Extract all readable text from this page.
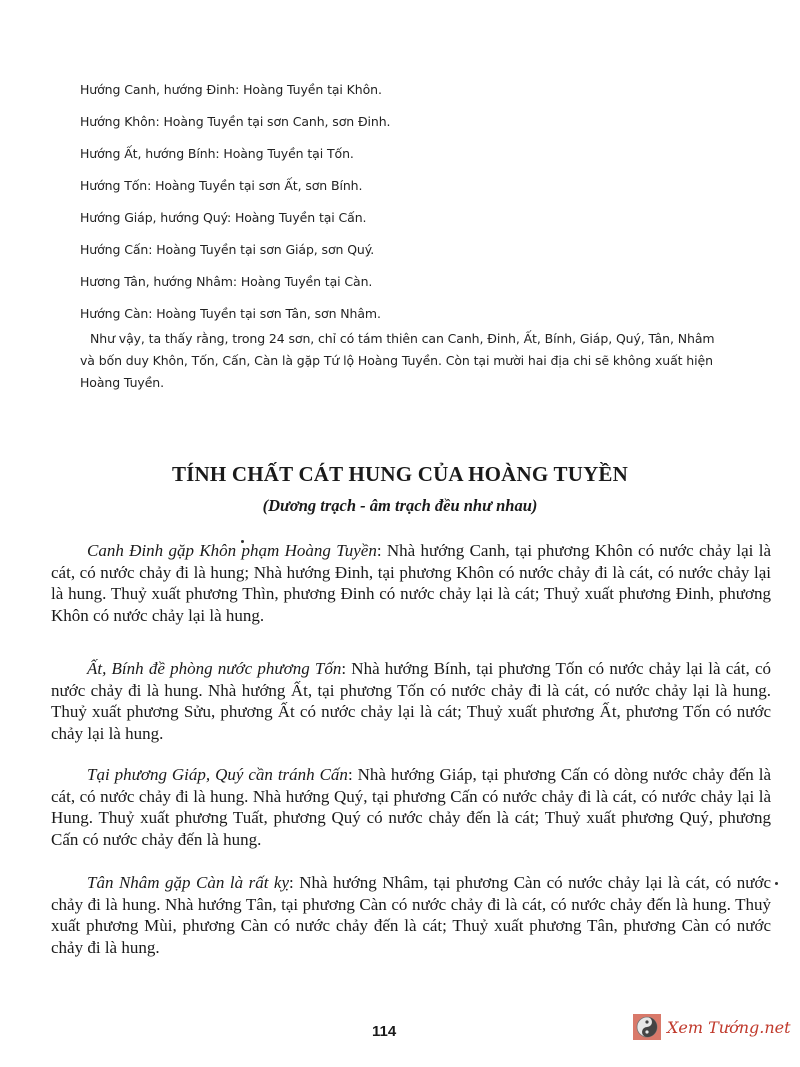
Hướng Canh, hướng Đinh: Hoàng Tuyền tại Khôn.
Hướng Khôn: Hoàng Tuyền tại sơn Canh, sơn Đinh.
Hướng Ất, hướng Bính: Hoàng Tuyền tại Tốn.
Hướng Tốn: Hoàng Tuyền tại sơn Ất, sơn Bính.
Hướng Giáp, hướng Quý: Hoàng Tuyền tại Cấn.
Hướng Cấn: Hoàng Tuyền tại sơn Giáp, sơn Quý.
Hương Tân, hướng Nhâm: Hoàng Tuyền tại Càn.
Hướng Càn: Hoàng Tuyền tại sơn Tân, sơn Nhâm.
Như vậy, ta thấy rằng, trong 24 sơn, chỉ có tám thiên can Canh, Đinh, Ất, Bính, Giáp, Quý, Tân, Nhâm và bốn duy Khôn, Tốn, Cấn, Càn là gặp Tứ lộ Hoàng Tuyền. Còn tại mười hai địa chi sẽ không xuất hiện Hoàng Tuyền.
TÍNH CHẤT CÁT HUNG CỦA HOÀNG TUYỀN
(Dương trạch - âm trạch đều như nhau)

Canh Đinh gặp Khôn phạm Hoàng Tuyền: Nhà hướng Canh, tại phương Khôn có nước chảy lại là cát, có nước chảy đi là hung; Nhà hướng Đinh, tại phương Khôn có nước chảy đi là cát, có nước chảy lại là hung. Thuỷ xuất phương Thìn, phương Đinh có nước chảy lại là cát; Thuỷ xuất phương Đinh, phương Khôn có nước chảy lại là hung.

Ất, Bính đề phòng nước phương Tốn: Nhà hướng Bính, tại phương Tốn có nước chảy lại là cát, có nước chảy đi là hung. Nhà hướng Ất, tại phương Tốn có nước chảy đi là cát, có nước chảy lại là hung. Thuỷ xuất phương Sửu, phương Ất có nước chảy lại là cát; Thuỷ xuất phương Ất, phương Tốn có nước chảy lại là hung.

Tại phương Giáp, Quý cần tránh Cấn: Nhà hướng Giáp, tại phương Cấn có dòng nước chảy đến là cát, có nước chảy đi là hung. Nhà hướng Quý, tại phương Cấn có nước chảy đi là cát, có nước chảy lại là Hung. Thuỷ xuất phương Tuất, phương Quý có nước chảy đến là cát; Thuỷ xuất phương Quý, phương Cấn có nước chảy đến là hung.

Tân Nhâm gặp Càn là rất kỵ: Nhà hướng Nhâm, tại phương Càn có nước chảy lại là cát, có nước chảy đi là hung. Nhà hướng Tân, tại phương Càn có nước chảy đi là cát, có nước chảy đến là hung. Thuỷ xuất phương Mùi, phương Càn có nước chảy đến là cát; Thuỷ xuất phương Tân, phương Càn có nước chảy đi là hung.

114	Xem Tướng.net
